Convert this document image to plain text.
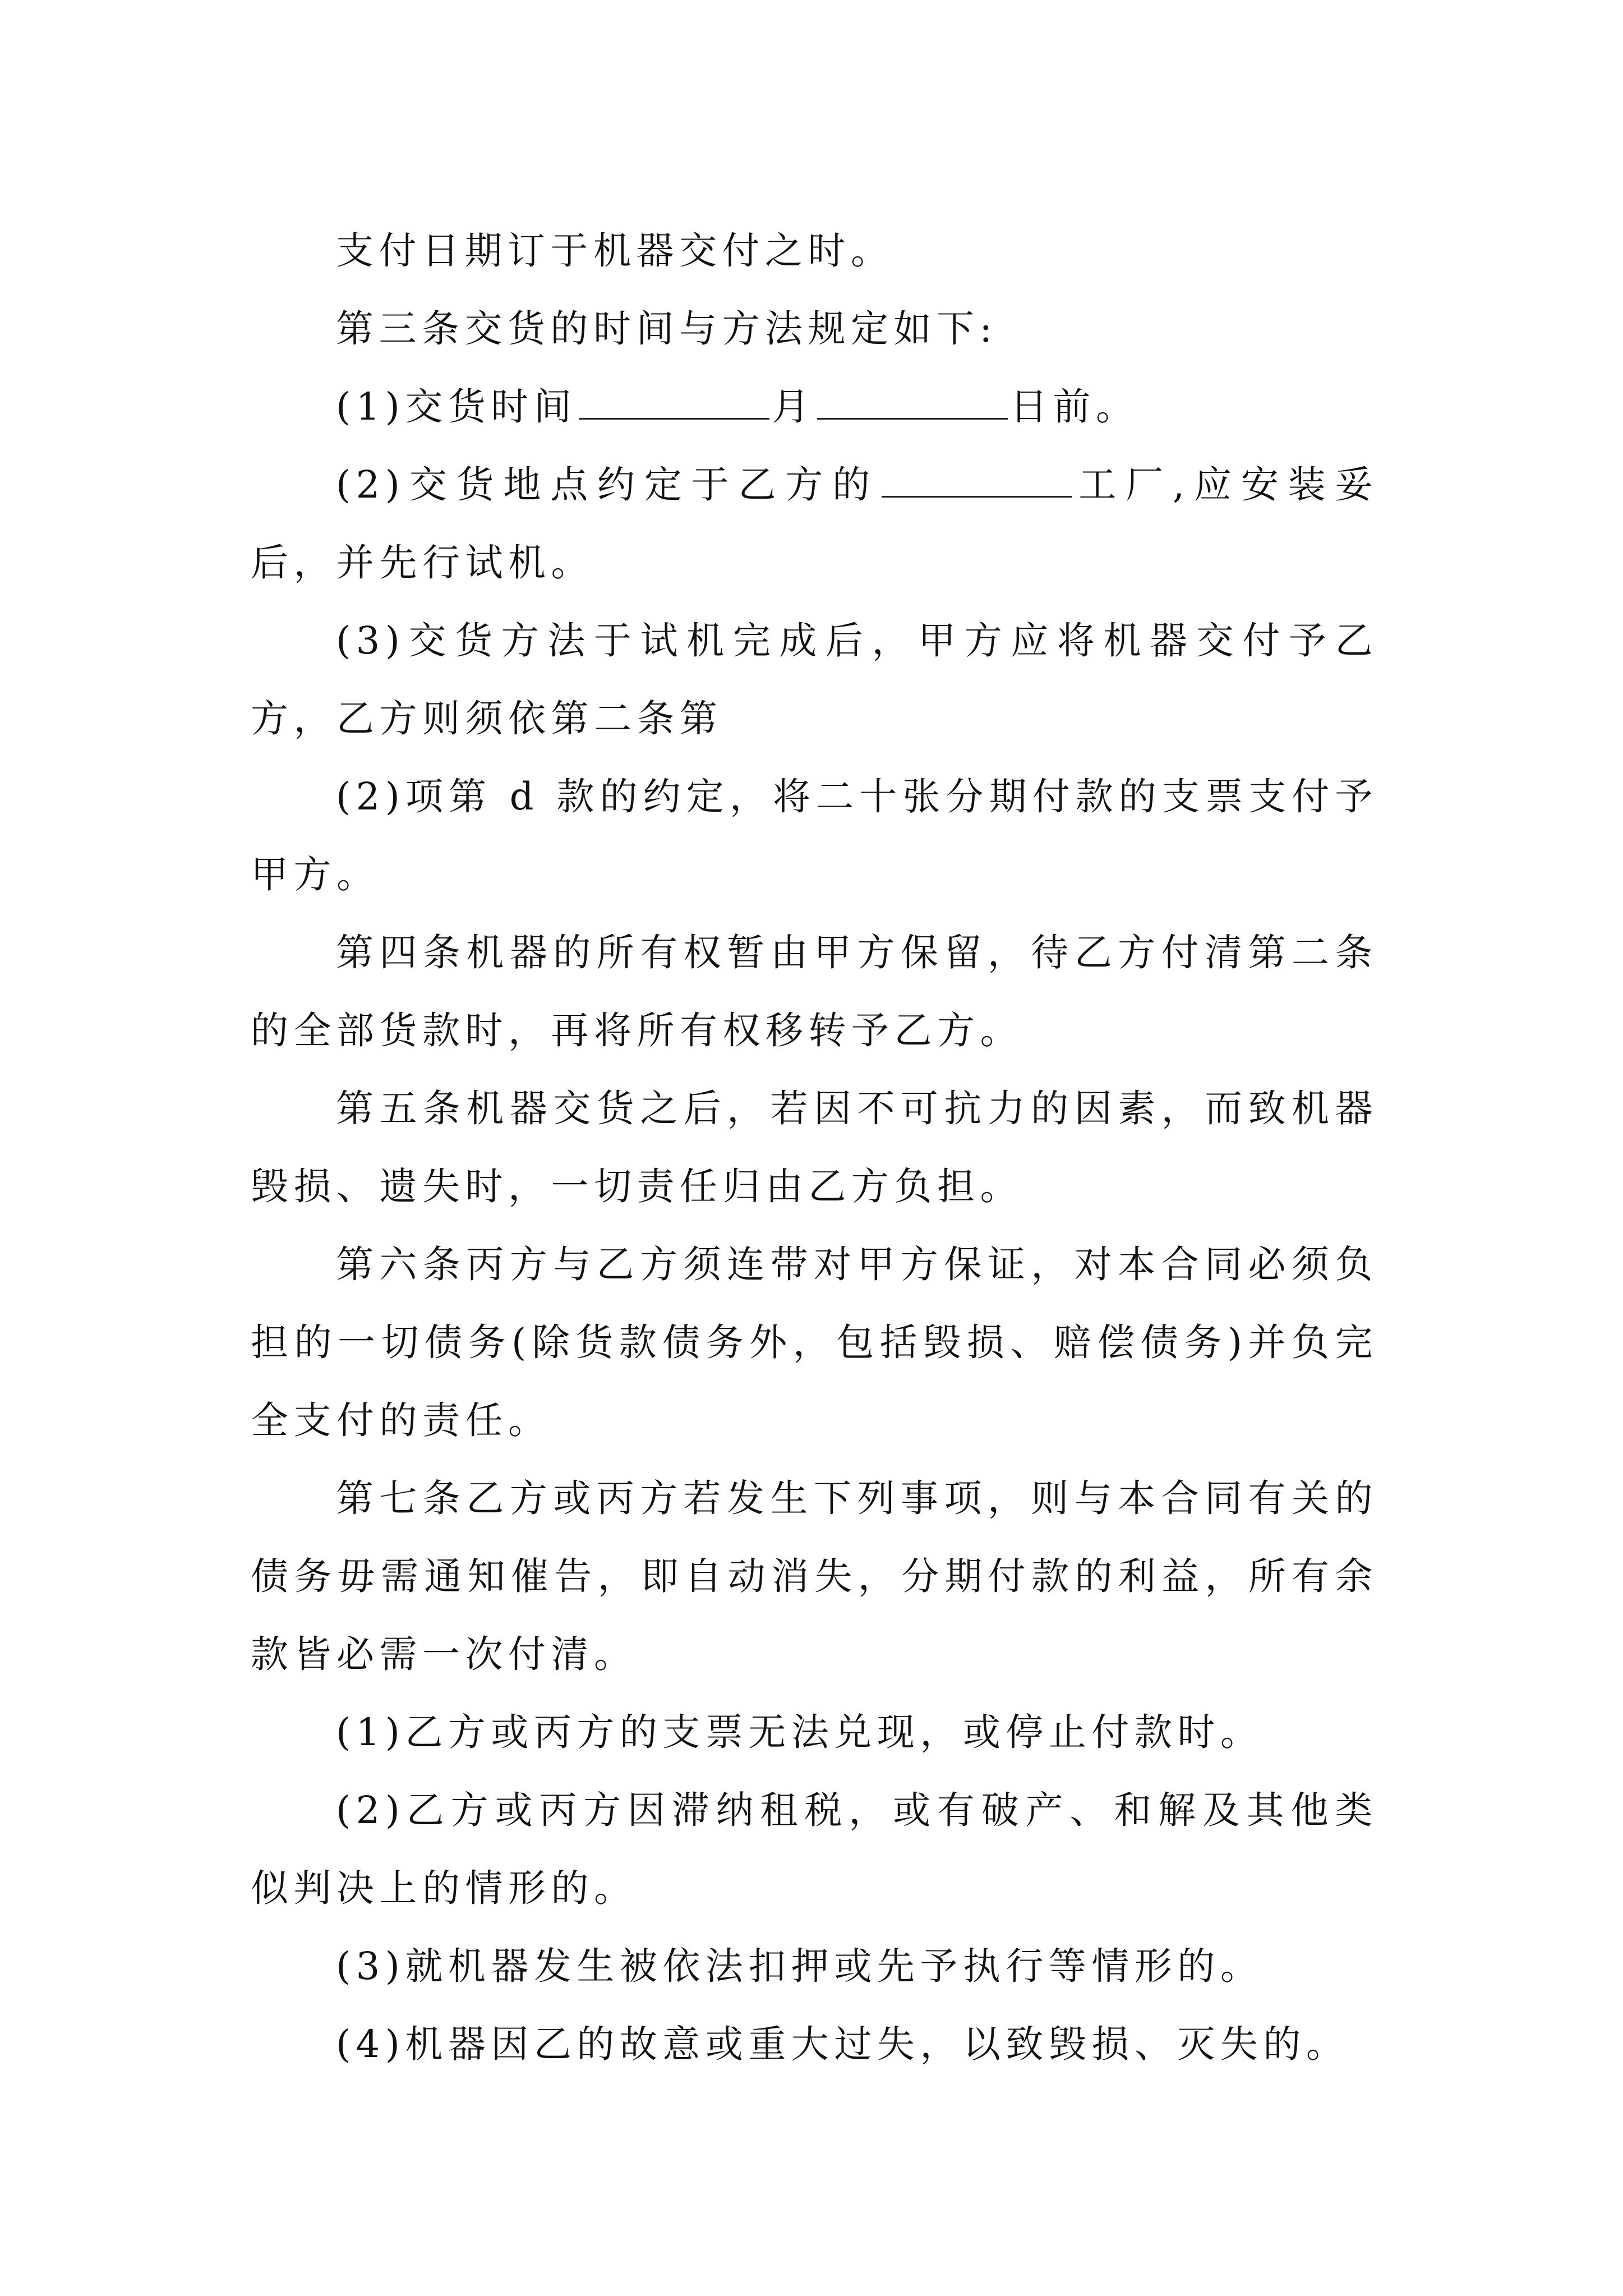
支付日期订于机器交付之时。

第三条交货的时间与方法规定如下:

(1)交货时间	月	日前。

(2)交货地点约定于乙方的	工厂,应安装妥后，并先行试机。

(3)交货方法于试机完成后，甲方应将机器交付予乙方，乙方则须依第二条第

(2)项第 d 款的约定，将二十张分期付款的支票支付予甲方。

第四条机器的所有权暂由甲方保留，待乙方付清第二条的全部货款时，再将所有权移转予乙方。

第五条机器交货之后，若因不可抗力的因素，而致机器毁损、遗失时，一切责任归由乙方负担。

第六条丙方与乙方须连带对甲方保证，对本合同必须负担的一切债务(除货款债务外，包括毁损、赔偿债务)并负完全支付的责任。

第七条乙方或丙方若发生下列事项，则与本合同有关的债务毋需通知催告，即自动消失，分期付款的利益，所有余款皆必需一次付清。

(1)乙方或丙方的支票无法兑现，或停止付款时。

(2)乙方或丙方因滞纳租税，或有破产、和解及其他类似判决上的情形的。

(3)就机器发生被依法扣押或先予执行等情形的。

(4)机器因乙的故意或重大过失，以致毁损、灭失的。
